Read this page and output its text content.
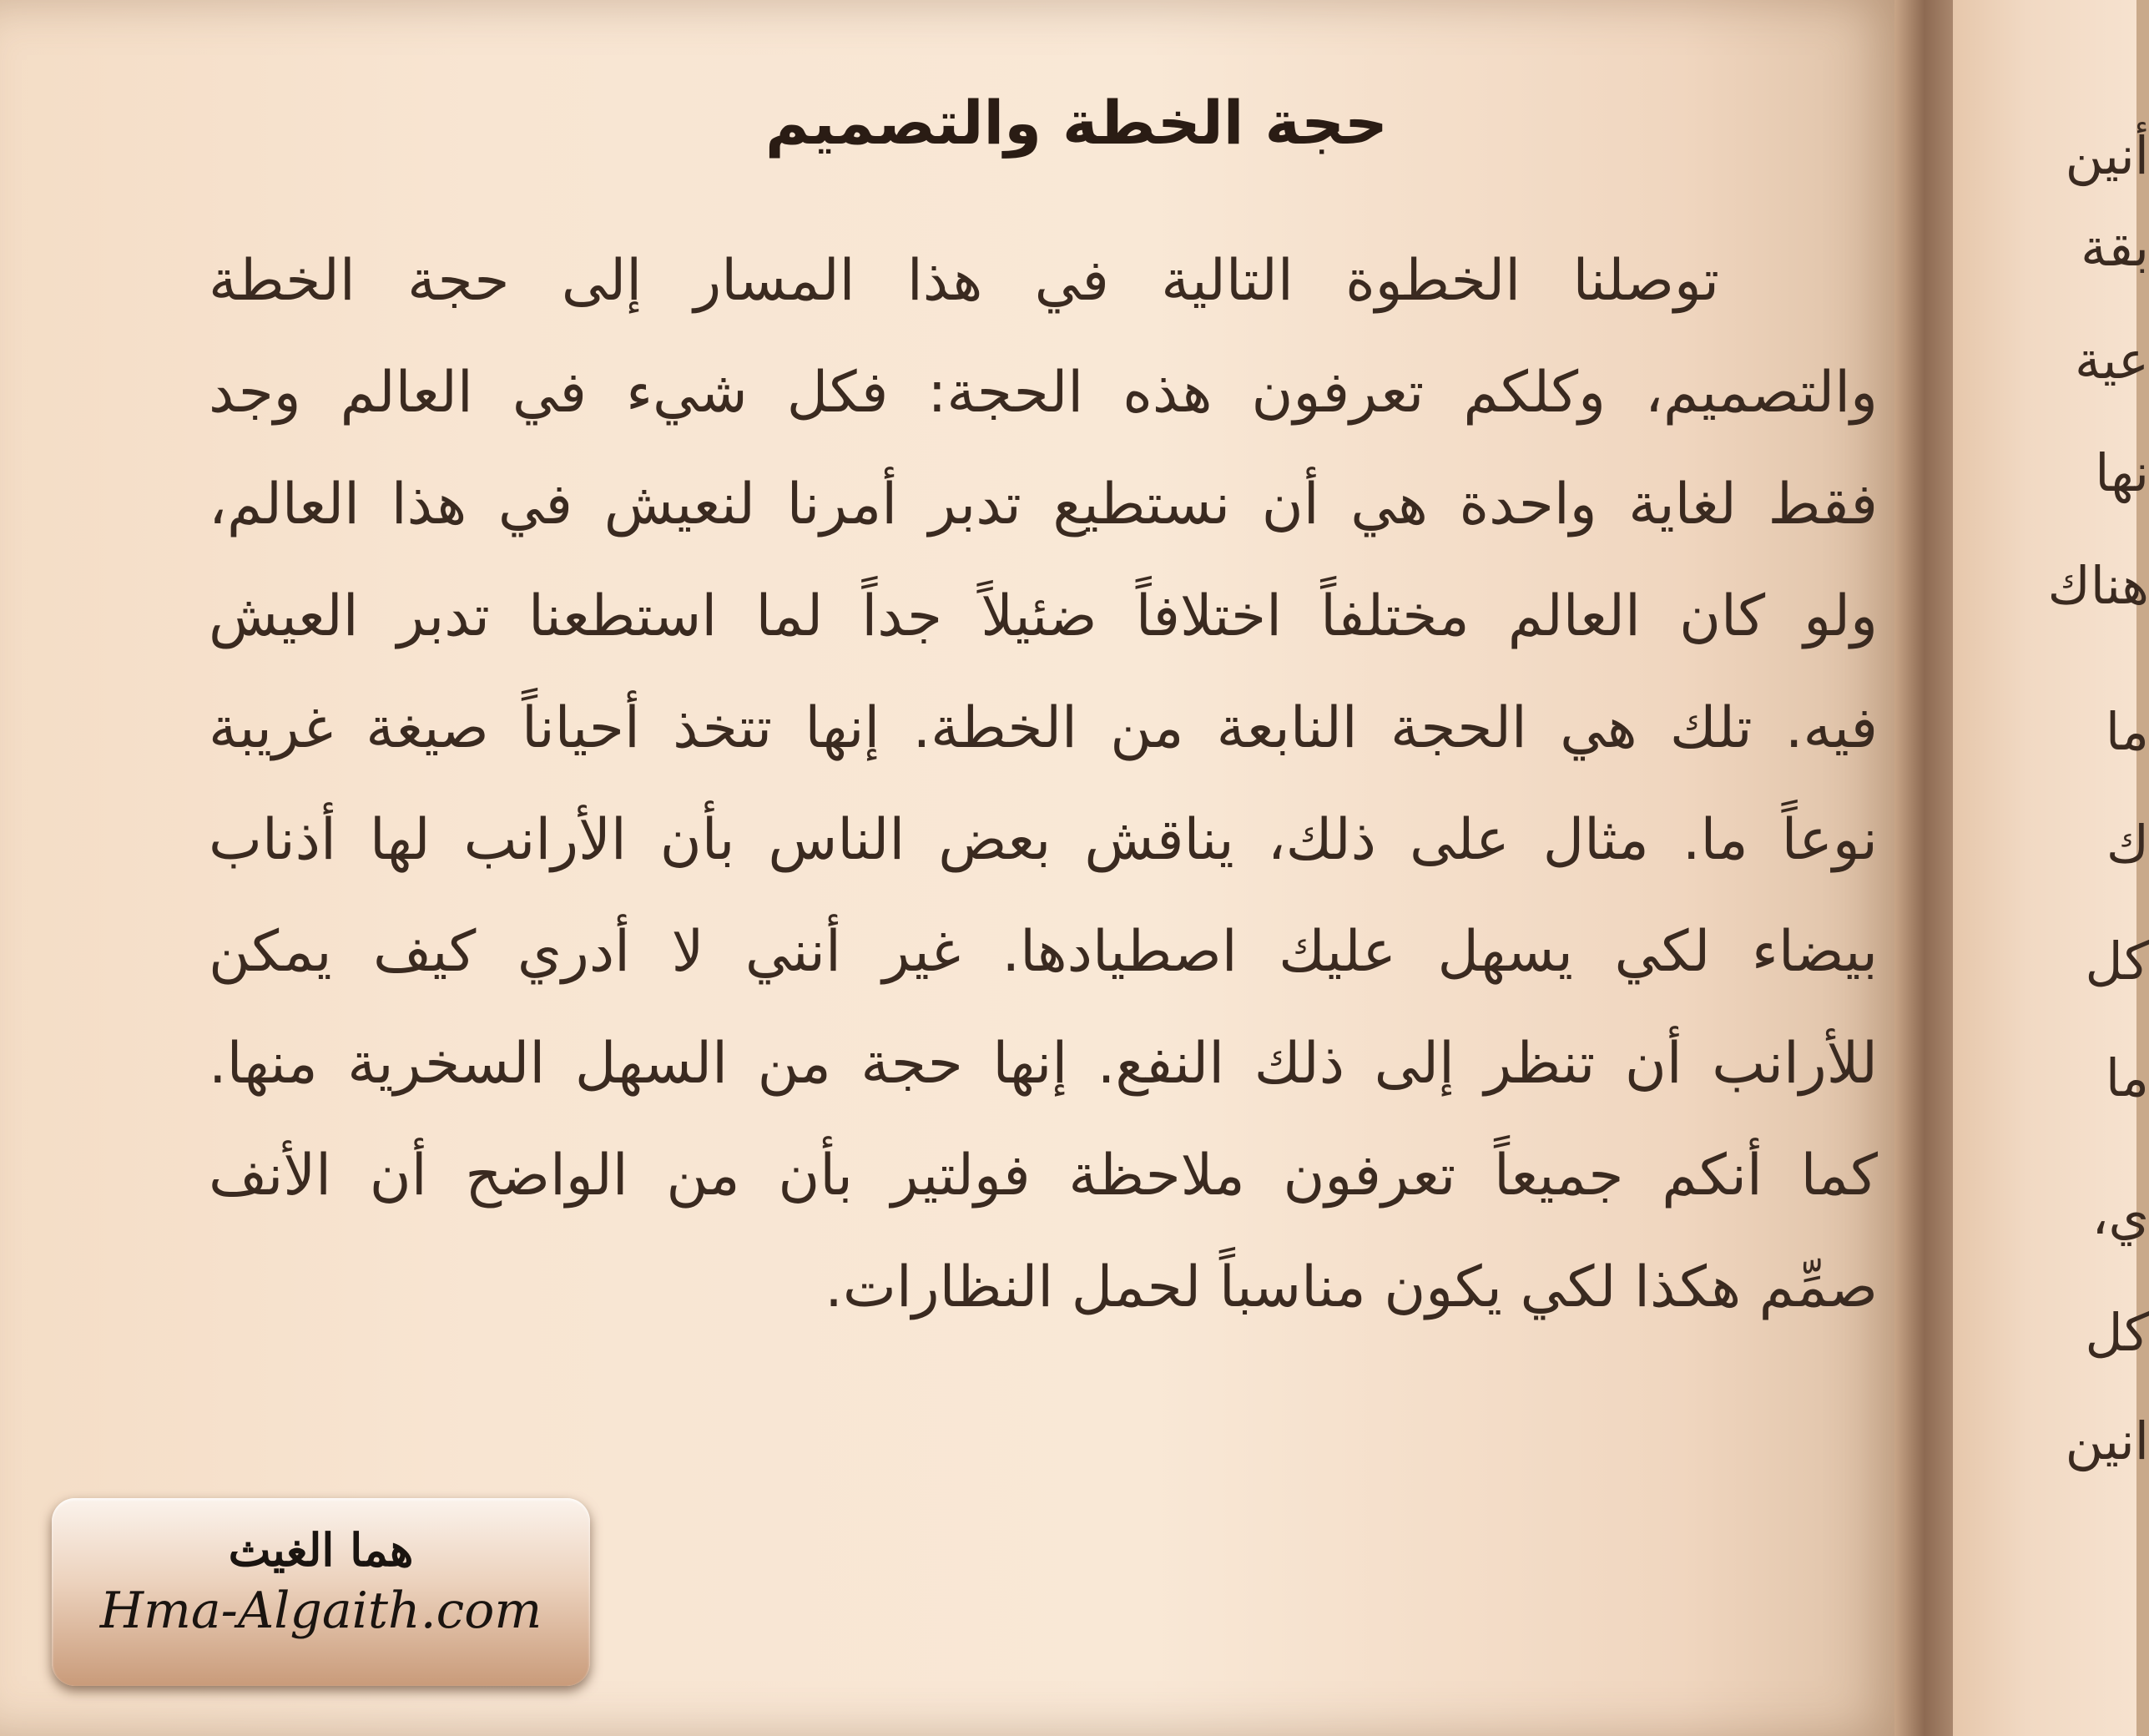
حجة الخطة والتصميم
توصلنا الخطوة التالية في هذا المسار إلى حجة الخطة
والتصميم، وكلكم تعرفون هذه الحجة: فكل شيء في العالم وجد
فقط لغاية واحدة هي أن نستطيع تدبر أمرنا لنعيش في هذا العالم،
ولو كان العالم مختلفاً اختلافاً ضئيلاً جداً لما استطعنا تدبر العيش
فيه. تلك هي الحجة النابعة من الخطة. إنها تتخذ أحياناً صيغة غريبة
نوعاً ما. مثال على ذلك، يناقش بعض الناس بأن الأرانب لها أذناب
بيضاء لكي يسهل عليك اصطيادها. غير أنني لا أدري كيف يمكن
للأرانب أن تنظر إلى ذلك النفع. إنها حجة من السهل السخرية منها.
كما أنكم جميعاً تعرفون ملاحظة فولتير بأن من الواضح أن الأنف
صمِّم هكذا لكي يكون مناسباً لحمل النظارات.
أنين
بقة
عية
نها
هناك
ما
ك
كل
ما
ي،
كل
انين
هما الغيث
Hma-Algaith.com
